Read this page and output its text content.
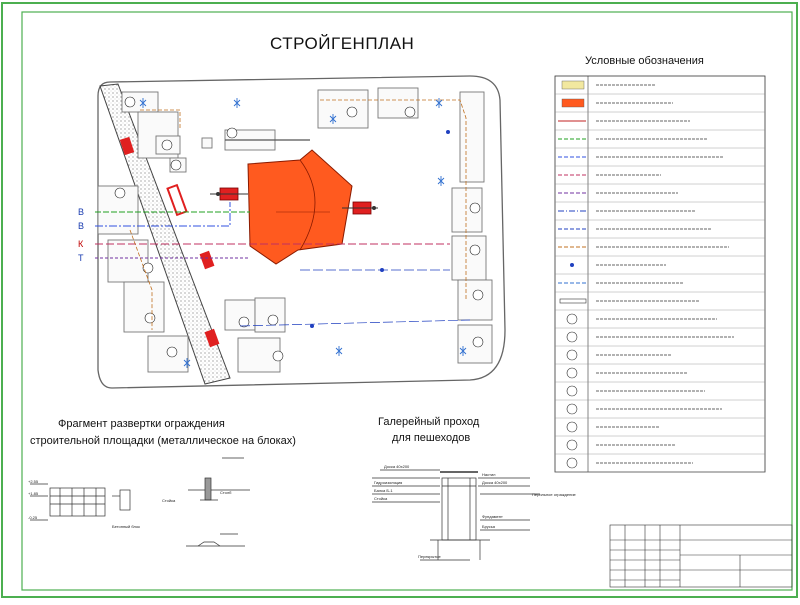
В
В
К
Т
+2.55
+1.85
-0.25
Бетонный блок
Стойка
Столб
Доска 40х200
Гидроизоляция
Балка Б-1
Стойка
Настил
Доска 40х200
Перильное ограждение
Фундамент
Брусья
Перекрытие
СТРОЙГЕНПЛАН
Условные обозначения
Фрагмент развертки ограждения
строительной площадки (металлическое на блоках)
Галерейный проход
для пешеходов
